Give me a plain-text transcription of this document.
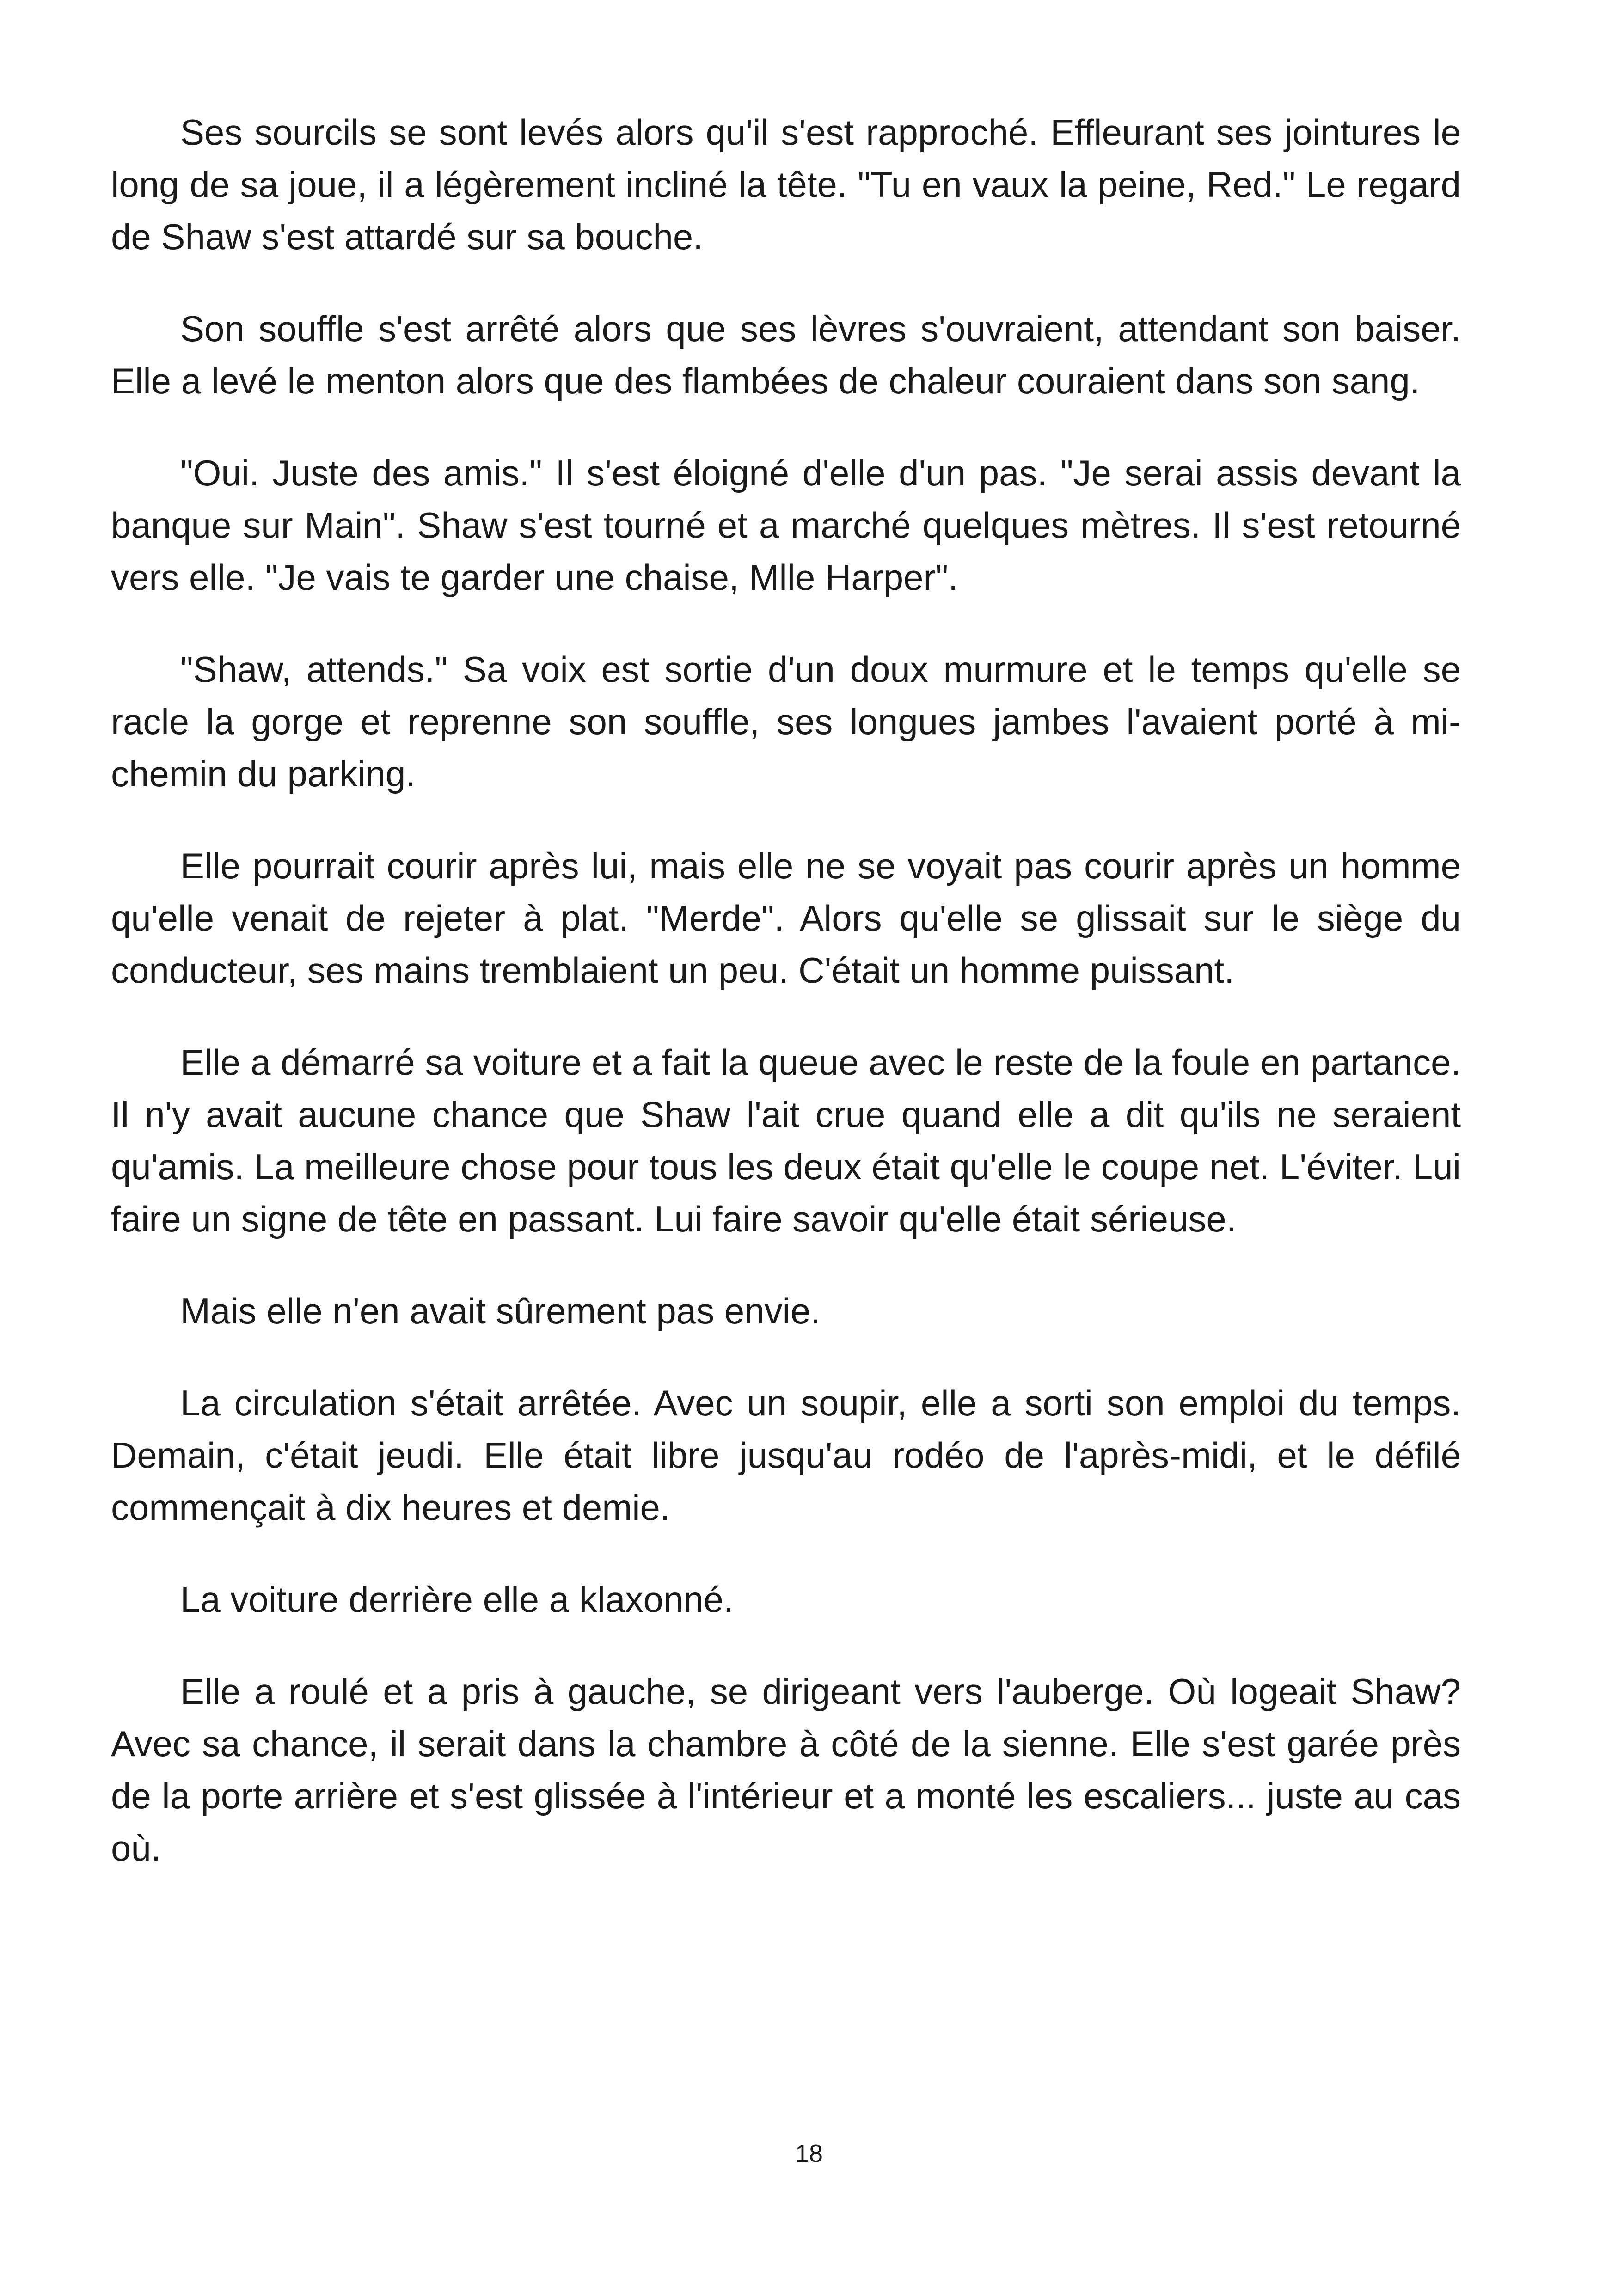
Ses sourcils se sont levés alors qu'il s'est rapproché. Effleurant ses jointures le long de sa joue, il a légèrement incliné la tête. "Tu en vaux la peine, Red." Le regard de Shaw s'est attardé sur sa bouche.

Son souffle s'est arrêté alors que ses lèvres s'ouvraient, attendant son baiser. Elle a levé le menton alors que des flambées de chaleur couraient dans son sang.

"Oui. Juste des amis." Il s'est éloigné d'elle d'un pas. "Je serai assis devant la banque sur Main". Shaw s'est tourné et a marché quelques mètres. Il s'est retourné vers elle. "Je vais te garder une chaise, Mlle Harper".

"Shaw, attends." Sa voix est sortie d'un doux murmure et le temps qu'elle se racle la gorge et reprenne son souffle, ses longues jambes l'avaient porté à mi-chemin du parking.

Elle pourrait courir après lui, mais elle ne se voyait pas courir après un homme qu'elle venait de rejeter à plat. "Merde". Alors qu'elle se glissait sur le siège du conducteur, ses mains tremblaient un peu. C'était un homme puissant.

Elle a démarré sa voiture et a fait la queue avec le reste de la foule en partance. Il n'y avait aucune chance que Shaw l'ait crue quand elle a dit qu'ils ne seraient qu'amis. La meilleure chose pour tous les deux était qu'elle le coupe net. L'éviter. Lui faire un signe de tête en passant. Lui faire savoir qu'elle était sérieuse.

Mais elle n'en avait sûrement pas envie.

La circulation s'était arrêtée. Avec un soupir, elle a sorti son emploi du temps. Demain, c'était jeudi. Elle était libre jusqu'au rodéo de l'après-midi, et le défilé commençait à dix heures et demie.

La voiture derrière elle a klaxonné.

Elle a roulé et a pris à gauche, se dirigeant vers l'auberge. Où logeait Shaw? Avec sa chance, il serait dans la chambre à côté de la sienne. Elle s'est garée près de la porte arrière et s'est glissée à l'intérieur et a monté les escaliers... juste au cas où.

18
